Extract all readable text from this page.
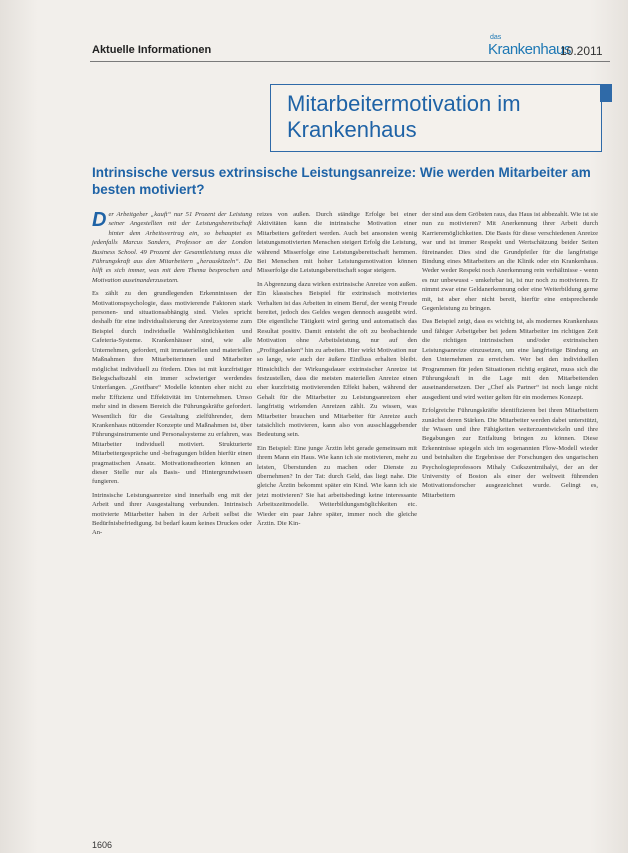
Aktuelle Informationen
das
Krankenhaus
10.2011
Mitarbeitermotivation im Krankenhaus
Intrinsische versus extrinsische Leistungsanreize: Wie werden Mitarbeiter am besten motiviert?

Der Arbeitgeber „kauft“ nur 51 Prozent der Leistung seiner Angestellten mit der Leistungsbereitschaft hinter dem Arbeitsvertrag ein, so behauptet es jedenfalls Marcus Sanders, Professor an der London Business School. 49 Prozent der Gesamtleistung muss die Führungskraft aus den Mitarbeitern „herauskitzeln“. Da hilft es sich immer, was mit dem Thema besprochen und Motivation auseinanderzusetzen.

Es zählt zu den grundlegenden Erkenntnissen der Motivationspsychologie, dass motivierende Faktoren stark personen- und situationsabhängig sind. Vieles spricht deshalb für eine individualisierung der Anreizsysteme zum Beispiel durch individuelle Wahlmöglichkeiten und Cafeteria-Systeme. Krankenhäuser sind, wie alle Unternehmen, gefordert, mit immateriellen und materiellen Maßnahmen ihre Mitarbeiterinnen und Mitarbeiter möglichst individuell zu fördern. Dies ist mit kurzfristiger Belegschaftszahl ein immer schwieriger werdendes Unterfangen. „Greifbare“ Modelle könnten eher nicht zu mehr Effizienz und Effektivität im Unternehmen. Umso mehr sind in diesem Bereich die Führungskräfte gefordert. Wesentlich für die Gestaltung zielführender, dem Krankenhaus nützender Konzepte und Maßnahmen ist, über Führungsinstrumente und Personalsysteme zu erfahren, was Mitarbeiter individuell motiviert. Strukturierte Mitarbeitergespräche und -befragungen bilden hierfür einen pragmatischen Ansatz. Motivationstheorien können an dieser Stelle nur als Basis- und Hintergrundwissen fungieren.

Intrinsische Leistungsanreize sind innerhalb eng mit der Arbeit und ihrer Ausgestaltung verbunden. Intrinsisch motivierte Mitarbeiter haben in der Arbeit selbst die Bedürfnisbefriedigung. Ist bedarf kaum keines Druckes oder An-

reizes von außen. Durch ständige Erfolge bei einer Aktivitäten kann die intrinsische Motivation einer Mitarbeiters gefördert werden. Auch bei ansonsten wenig leistungsmotivierten Menschen steigert Erfolg die Leistung, während Misserfolge eine Leistungsbereitschaft hemmen. Bei Menschen mit hoher Leistungsmotivation können Misserfolge die Leistungsbereitschaft sogar steigern.

In Abgrenzung dazu wirken extrinsische Anreize von außen. Ein klassisches Beispiel für extrinsisch motiviertes Verhalten ist das Arbeiten in einem Beruf, der wenig Freude bereitet, jedoch des Geldes wegen dennoch ausgeübt wird. Die eigentliche Tätigkeit wird gering und automatisch das Resultat positiv. Damit entsteht die oft zu beobachtende Motivation ohne Arbeitsleistung, nur auf den „Profitgedanken“ hin zu arbeiten. Hier wirkt Motivation nur so lange, wie auch der äußere Einfluss erhalten bleibt. Hinsichtlich der Wirkungsdauer extrinsischer Anreize ist festzustellen, dass die meisten materiellen Anreize einen eher kurzfristig motivierenden Effekt haben, während der Gehalt für die Mitarbeiter zu Leistungsanreizen eher langfristig wirkenden Anreizen zählt. Zu wissen, was Mitarbeiter brauchen und Mitarbeiter für Anreize auch tatsächlich motivieren, kann also von ausschlaggebender Bedeutung sein.

Ein Beispiel: Eine junge Ärztin lebt gerade gemeinsam mit ihrem Mann ein Haus. Wie kann ich sie motivieren, mehr zu leisten, Überstunden zu machen oder Dienste zu übernehmen? In der Tat: durch Geld, das liegt nahe. Die gleiche Ärztin bekommt später ein Kind. Wie kann ich sie jetzt motivieren? Sie hat arbeitsbedingt keine interessante Arbeitszeitmodelle. Weiterbildungsmöglichkeiten etc. Wieder ein paar Jahre später, immer noch die gleiche Ärztin. Die Kin-

der sind aus dem Gröbsten raus, das Haus ist abbezahlt. Wie ist sie nun zu motivieren? Mit Anerkennung ihrer Arbeit durch Karrieremöglichkeiten. Die Basis für diese verschiedenen Anreize war und ist immer Respekt und Wertschätzung beider Seiten füreinander. Dies sind die Grundpfeiler für die langfristige Bindung eines Mitarbeiters an die Klinik oder ein Krankenhaus. Weder weder Respekt noch Anerkennung rein verhältnisse - wenn es nur unbewusst - umkehrbar ist, ist nur noch zu motivieren. Er nimmt zwar eine Geldanerkennung oder eine Weiterbildung gerne mit, ist aber eher nicht bereit, hierfür eine entsprechende Gegenleistung zu bringen.

Das Beispiel zeigt, dass es wichtig ist, als modernes Krankenhaus und fähiger Arbeitgeber bei jedem Mitarbeiter im richtigen Zeit die richtigen intrinsischen und/oder extrinsischen Leistungsanreize einzusetzen, um eine langfristige Bindung an den Unternehmen zu erreichen. Wer bei den individuellen Programmen für jeden Situationen richtig ergänzt, muss sich die Führungskraft in die Lage mit den Mitarbeitenden auseinandersetzen. Der „Chef als Partner“ ist noch lange nicht ausgedient und wird weiter gelten für ein modernes Konzept.

Erfolgreiche Führungskräfte identifizieren bei ihren Mitarbeitern zunächst deren Stärken. Die Mitarbeiter werden dabei unterstützt, ihr Wissen und ihre Fähigkeiten weiterzuentwickeln und ihre Begabungen zur Entfaltung bringen zu können. Diese Erkenntnisse spiegeln sich im sogenannten Flow-Modell wieder und beinhalten die Ergebnisse der Forschungen des ungarischen Psychologieprofessors Mihaly Csikszentmihalyi, der an der University of Boston als einer der weltweit führenden Motivationsforscher ausgezeichnet wurde. Gelingt es, Mitarbeitern

1606
